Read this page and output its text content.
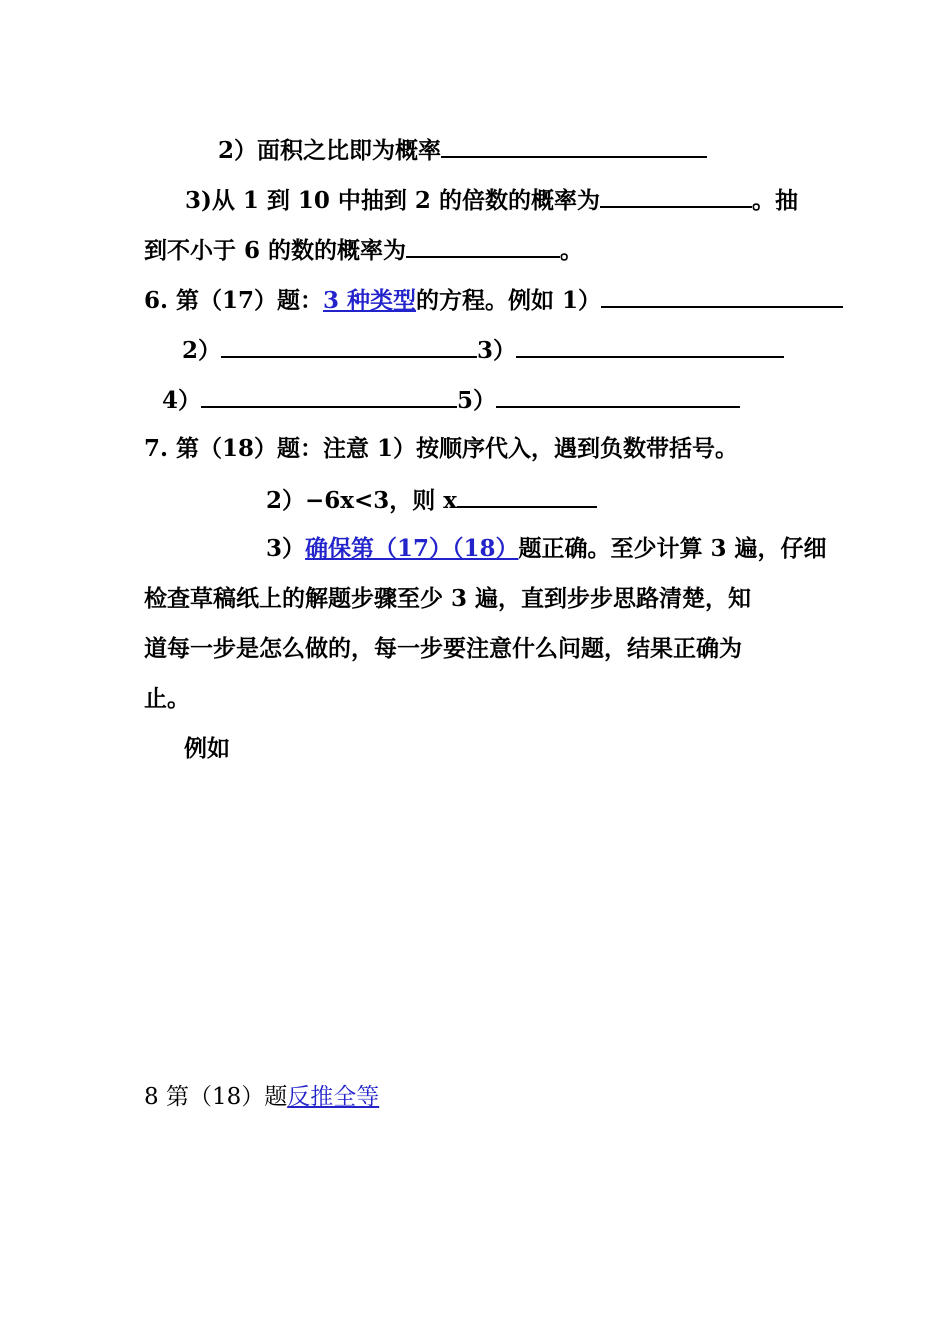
2）面积之比即为概率
3)从 1 到 10 中抽到 2 的倍数的概率为	。抽
到不小于 6 的数的概率为	。
6. 第（17）题：3 种类型的方程。例如 1）
2）	3）
4）	5）
7. 第（18）题：注意 1）按顺序代入，遇到负数带括号。
2）−6x<3，则 x
3）确保第（17）（18）题正确。至少计算 3 遍，仔细
检查草稿纸上的解题步骤至少 3 遍，直到步步思路清楚，知
道每一步是怎么做的，每一步要注意什么问题，结果正确为
止。
例如
8 第（18）题反推全等
